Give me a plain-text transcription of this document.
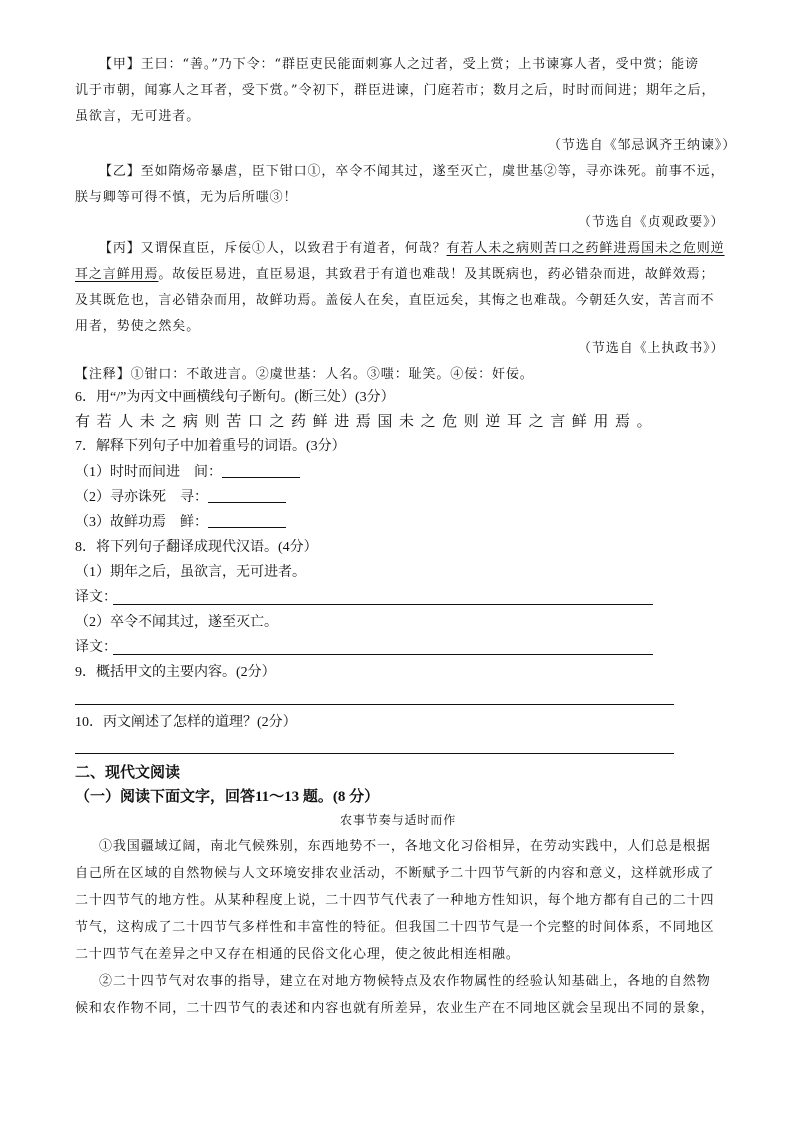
【甲】王曰：“善。”乃下令：“群臣吏民能面刺寡人之过者，受上赏；上书谏寡人者，受中赏；能谤
讥于市朝，闻寡人之耳者，受下赏。”令初下，群臣进谏，门庭若市；数月之后，时时而间进；期年之后，
虽欲言，无可进者。
（节选自《邹忌讽齐王纳谏》）
【乙】至如隋炀帝暴虐，臣下钳口①，卒令不闻其过，遂至灭亡，虞世基②等，寻亦诛死。前事不远，
朕与卿等可得不慎，无为后所嗤③！
（节选自《贞观政要》）
【丙】又谓保直臣，斥佞①人，以致君于有道者，何哉？有若人未之病则苦口之药鲜进焉国未之危则逆
耳之言鲜用焉。故佞臣易进，直臣易退，其致君于有道也难哉！及其既病也，药必错杂而进，故鲜效焉；
及其既危也，言必错杂而用，故鲜功焉。盖佞人在矣，直臣远矣，其悔之也难哉。今朝廷久安，苦言而不
用者，势使之然矣。
（节选自《上执政书》）
【注释】①钳口：不敢进言。②虞世基：人名。③嗤：耻笑。④佞：奸佞。
6．用“/”为丙文中画横线句子断句。(断三处）(3分）
有若人未之病则苦口之药鲜进焉国未之危则逆耳之言鲜用焉。
7．解释下列句子中加着重号的词语。(3分）
（1）时时而间进　间：
（2）寻亦诛死　寻：
（3）故鲜功焉　鲜：
8．将下列句子翻译成现代汉语。(4分）
（1）期年之后，虽欲言，无可进者。
译文：
（2）卒令不闻其过，遂至灭亡。
译文：
9．概括甲文的主要内容。(2分）
10．丙文阐述了怎样的道理？(2分）
二、现代文阅读
（一）阅读下面文字，回答11～13 题。(8 分）
农事节奏与适时而作
①我国疆域辽阔，南北气候殊别，东西地势不一，各地文化习俗相异，在劳动实践中，人们总是根据
自己所在区域的自然物候与人文环境安排农业活动，不断赋予二十四节气新的内容和意义，这样就形成了
二十四节气的地方性。从某种程度上说，二十四节气代表了一种地方性知识，每个地方都有自己的二十四
节气，这构成了二十四节气多样性和丰富性的特征。但我国二十四节气是一个完整的时间体系，不同地区
二十四节气在差异之中又存在相通的民俗文化心理，使之彼此相连相融。
②二十四节气对农事的指导，建立在对地方物候特点及农作物属性的经验认知基础上，各地的自然物
候和农作物不同，二十四节气的表述和内容也就有所差异，农业生产在不同地区就会呈现出不同的景象，
